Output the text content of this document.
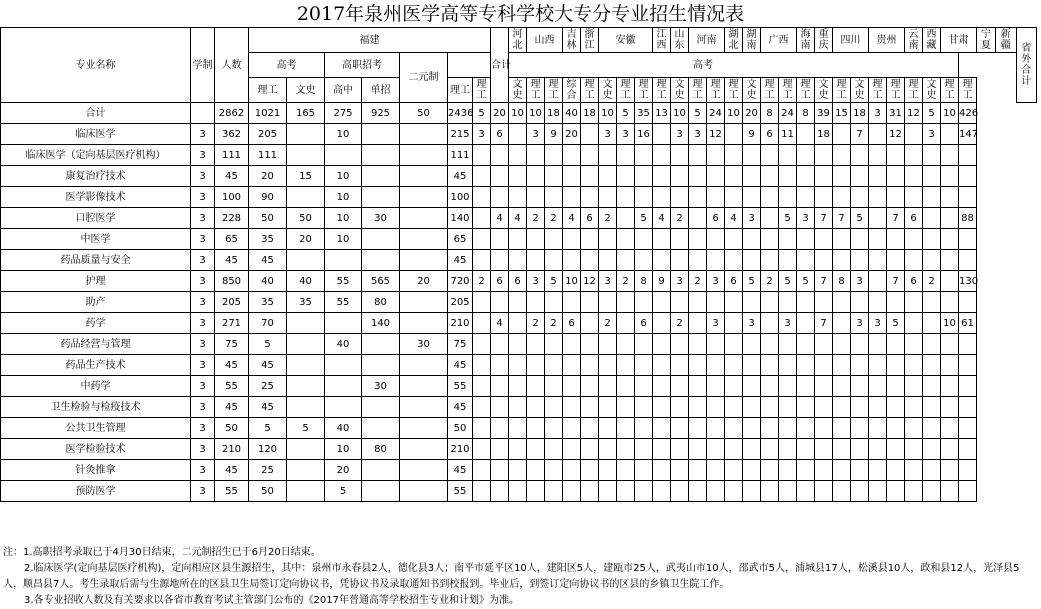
2017年泉州医学高等专科学校大专分专业招生情况表
专业名称	学制	人数	福建							合计	河北	山西		吉林	浙江	安徽			江西	山东	河南		湖北	湖南	广西		海南	重庆	四川		贵州		云南	西藏	甘肃		宁夏	新疆	省外合计
			高考		高职招考		二元制	高考																															
			理工	文史	高中	单招		理工	理工		文史	理工	理工	综合	理工	文史	理工	理工	理工	文史	理工	理工	理工	文史	理工	理工	理工	文史	理工	文史	理工	理工	理工	文史	理工	理工			
合计		2862	1021	165	275	925	50	2436	5	20	10	10	18	40	18	10	5	35	13	10	5	24	10	20	8	24	8	39	15	18	3	31	12	5	10	426			
临床医学	3	362	205		10			215	3	6		3	9	20		3	3	16		3	3	12		9	6	11		18		7		12		3		147			
临床医学（定向基层医疗机构）	3	111	111					111																															
康复治疗技术	3	45	20	15	10			45																															
医学影像技术	3	100	90		10			100																															
口腔医学	3	228	50	50	10	30		140		4	4	2	2	4	6	2		5	4	2		6	4	3		5	3	7	7	5		7	6			88			
中医学	3	65	35	20	10			65																															
药品质量与安全	3	45	45					45																															
护理	3	850	40	40	55	565	20	720	2	6	6	3	5	10	12	3	2	8	9	3	2	3	6	5	2	5	5	7	8	3		7	6	2		130			
助产	3	205	35	35	55	80		205																															
药学	3	271	70			140		210		4		2	2	6		2		6		2		3		3		3		7		3	3	5			10	61			
药品经营与管理	3	75	5		40		30	75																															
药品生产技术	3	45	45					45																															
中药学	3	55	25			30		55																															
卫生检验与检疫技术	3	45	45					45																															
公共卫生管理	3	50	5	5	40			50																															
医学检验技术	3	210	120		10	80		210																															
针灸推拿	3	45	25		20			45																															
预防医学	3	55	50		5			55																															
注：1.高职招考录取已于4月30日结束，二元制招生已于6月20日结束。
2.临床医学(定向基层医疗机构)，定向相应区县生源招生，其中：泉州市永春县2人，德化县3人；南平市延平区10人，建阳区5人，建瓯市25人，武夷山市10人，邵武市5人，浦城县17人，松溪县10人，政和县12人，光泽县5人，顺昌县7人。考生录取后需与生源地所在的区县卫生局签订定向协议书，凭协议书及录取通知书到校报到。毕业后，到签订定向协议书的区县的乡镇卫生院工作。
3.各专业招收人数及有关要求以各省市教育考试主管部门公布的《2017年普通高等学校招生专业和计划》为准。
